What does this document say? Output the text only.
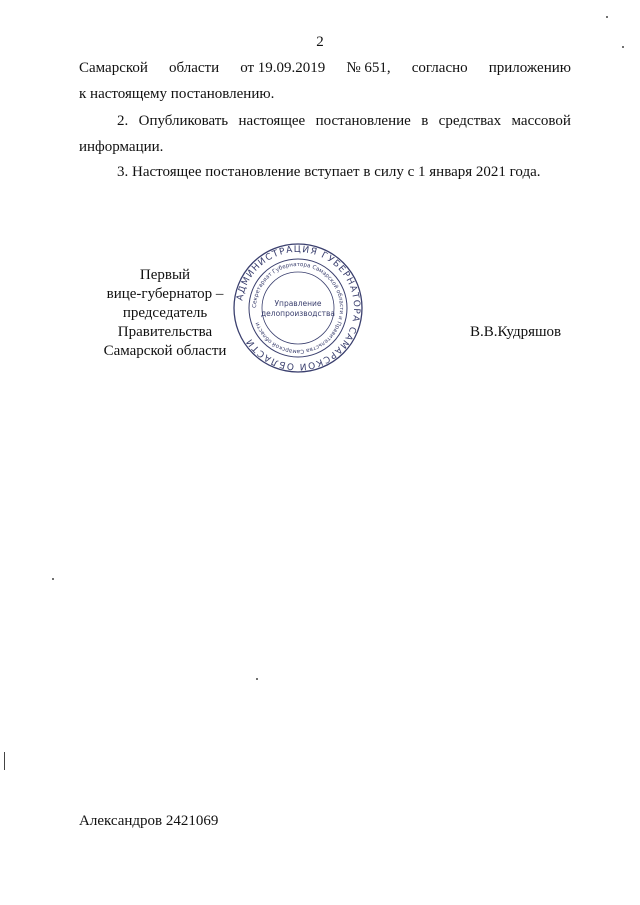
2
Самарской области от 19.09.2019 № 651, согласно приложению
к настоящему постановлению.
2. Опубликовать настоящее постановление в средствах массовой
информации.
3. Настоящее постановление вступает в силу с 1 января 2021 года.
Первый
вице-губернатор –
председатель Правительства
Самарской области
В.В.Кудряшов
АДМИНИСТРАЦИЯ ГУБЕРНАТОРА САМАРСКОЙ ОБЛАСТИ
Секретариат Губернатора Самарской области и Правительства Самарской области
Управление
делопроизводства
Александров 2421069
